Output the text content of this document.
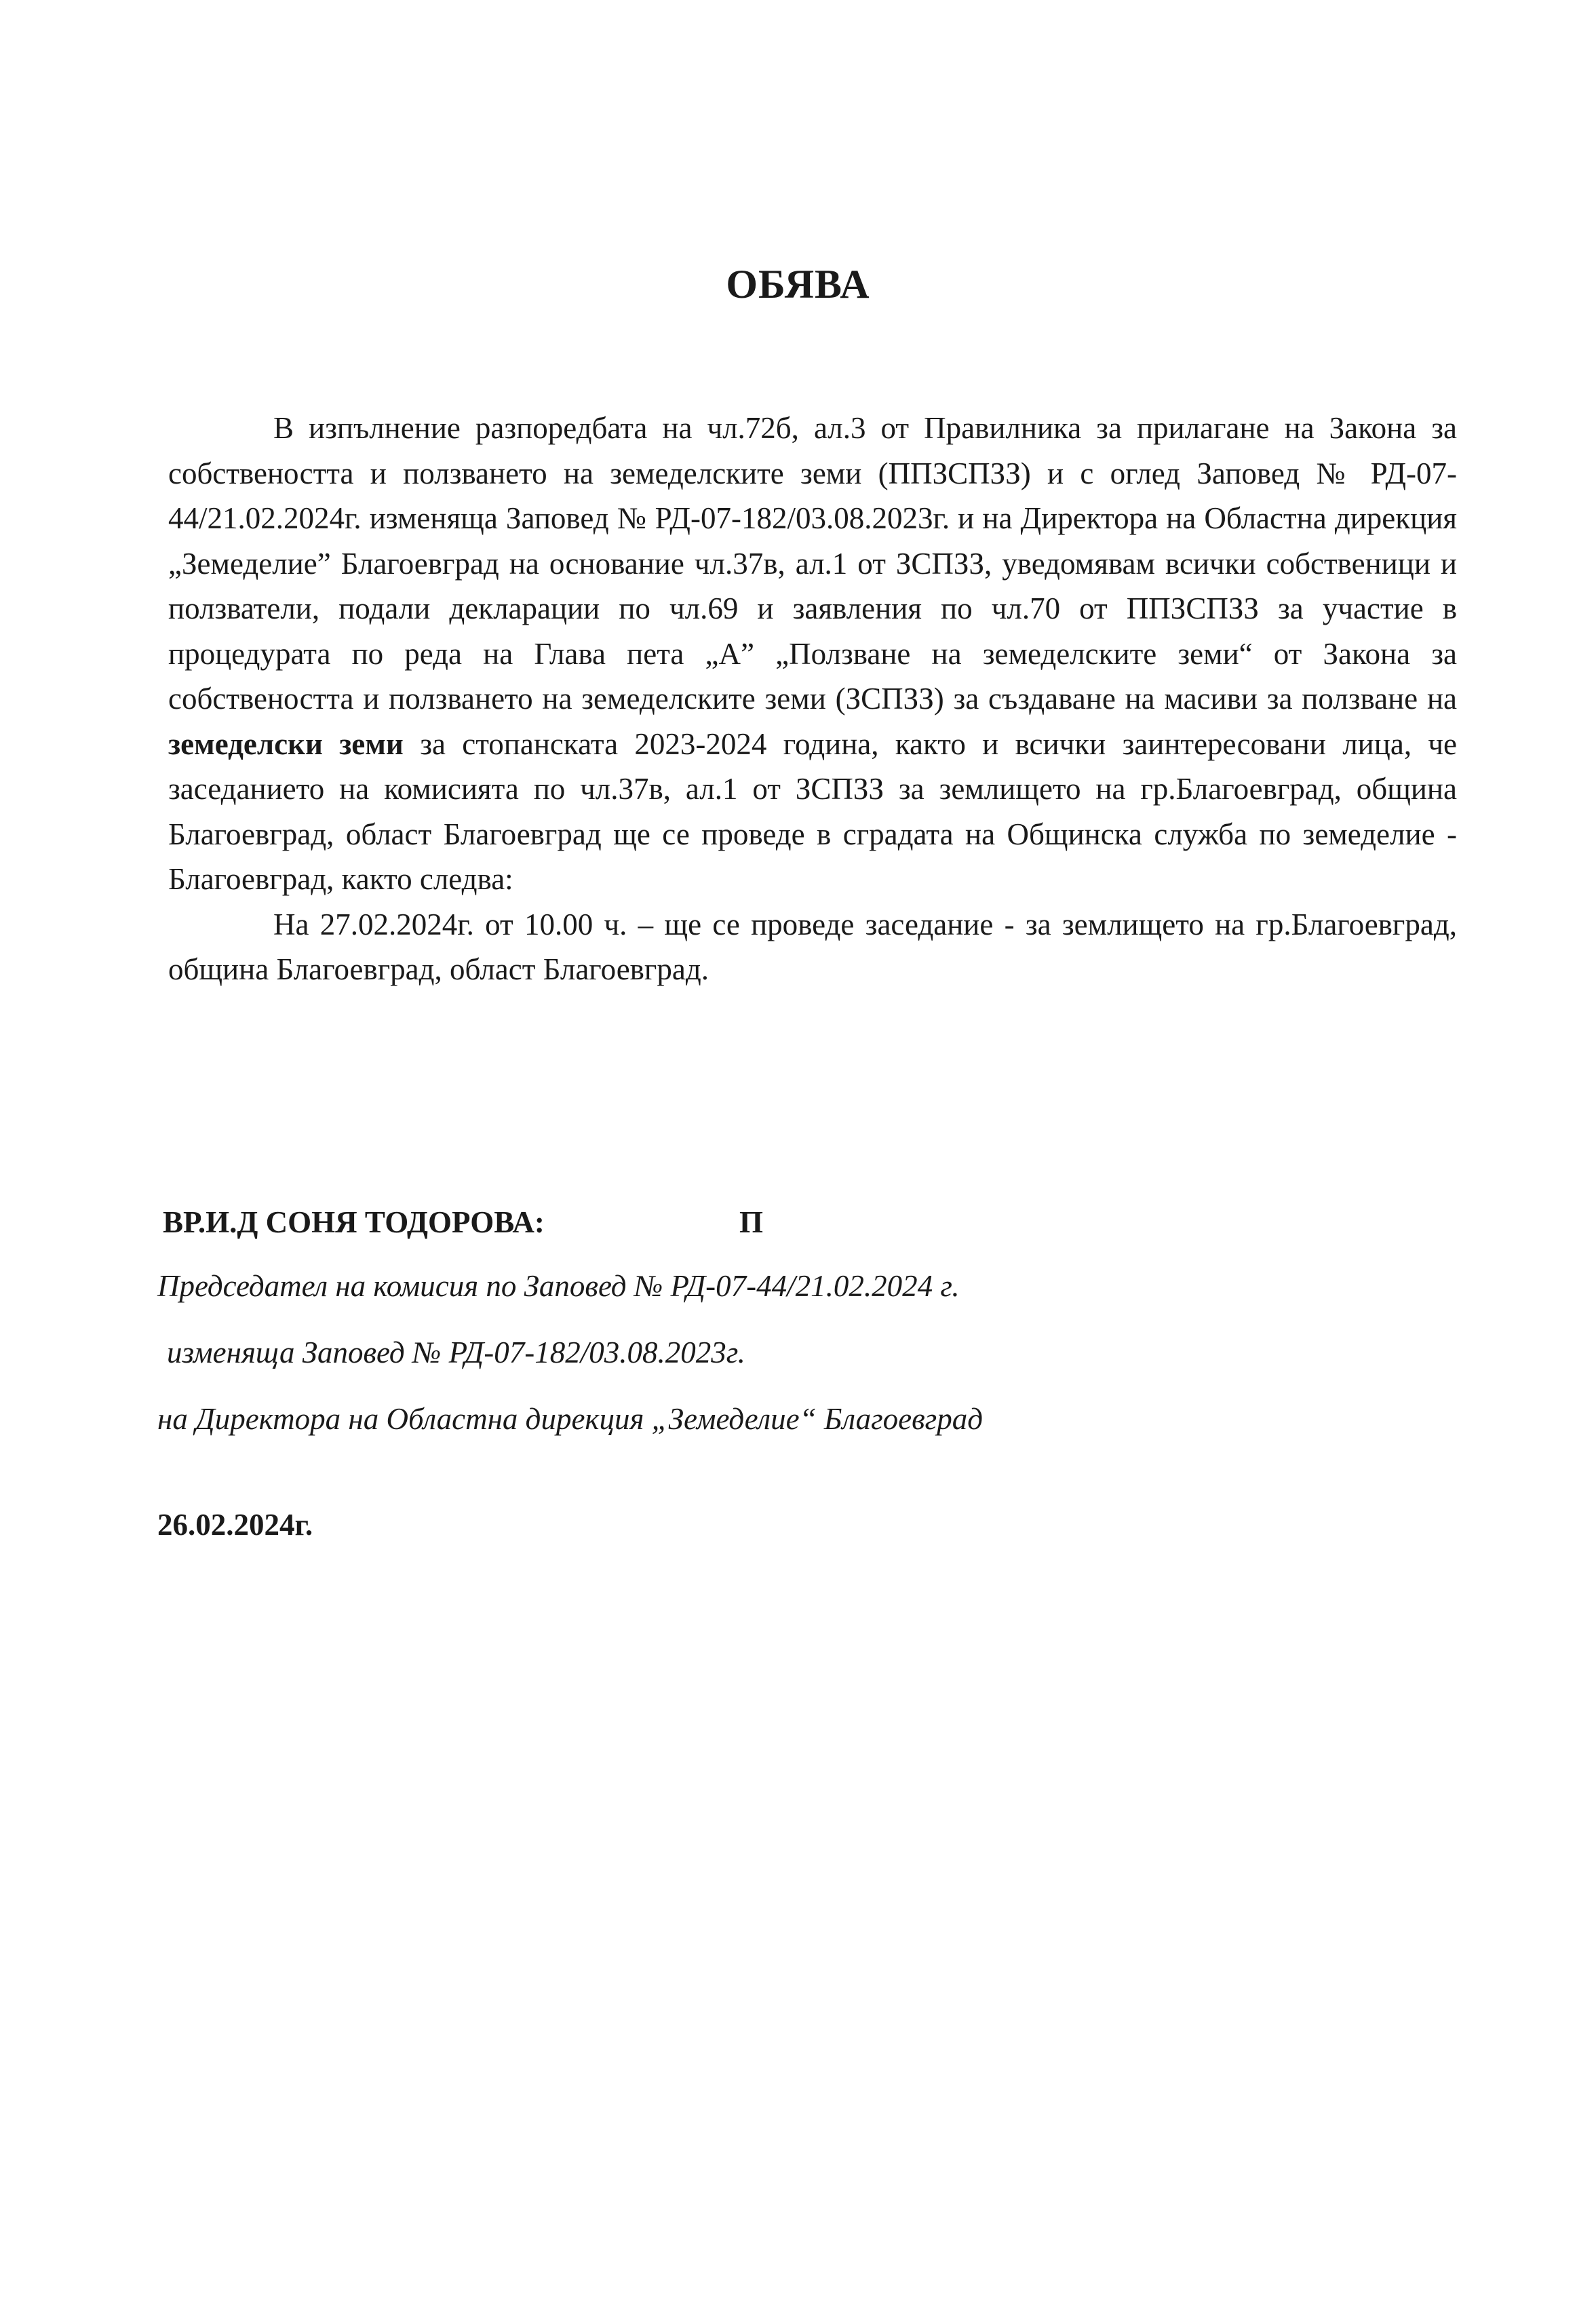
ОБЯВА

В изпълнение разпоредбата на чл.72б, ал.3 от Правилника за прилагане на Закона за собствеността и ползването на земеделските земи (ППЗСПЗЗ) и с оглед Заповед № РД-07-44/21.02.2024г. изменяща Заповед № РД-07-182/03.08.2023г. и на Директора на Областна дирекция „Земеделие” Благоевград на основание чл.37в, ал.1 от ЗСПЗЗ, уведомявам всички собственици и ползватели, подали декларации по чл.69 и заявления по чл.70 от ППЗСПЗЗ за участие в процедурата по реда на Глава пета „А” „Ползване на земеделските земи“ от Закона за собствеността и ползването на земеделските земи (ЗСПЗЗ) за създаване на масиви за ползване на земеделски земи за стопанската 2023-2024 година, както и всички заинтересовани лица, че заседанието на комисията по чл.37в, ал.1 от ЗСПЗЗ за землището на гр.Благоевград, община Благоевград, област Благоевград ще се проведе в сградата на Общинска служба по земеделие - Благоевград, както следва:

На 27.02.2024г. от 10.00 ч. – ще се проведе заседание - за землището на гр.Благоевград, община Благоевград, област Благоевград.

ВР.И.Д СОНЯ ТОДОРОВА:	П
Председател на комисия по Заповед № РД-07-44/21.02.2024 г.
изменяща Заповед № РД-07-182/03.08.2023г.
на Директора на Областна дирекция „Земеделие“ Благоевград
26.02.2024г.
